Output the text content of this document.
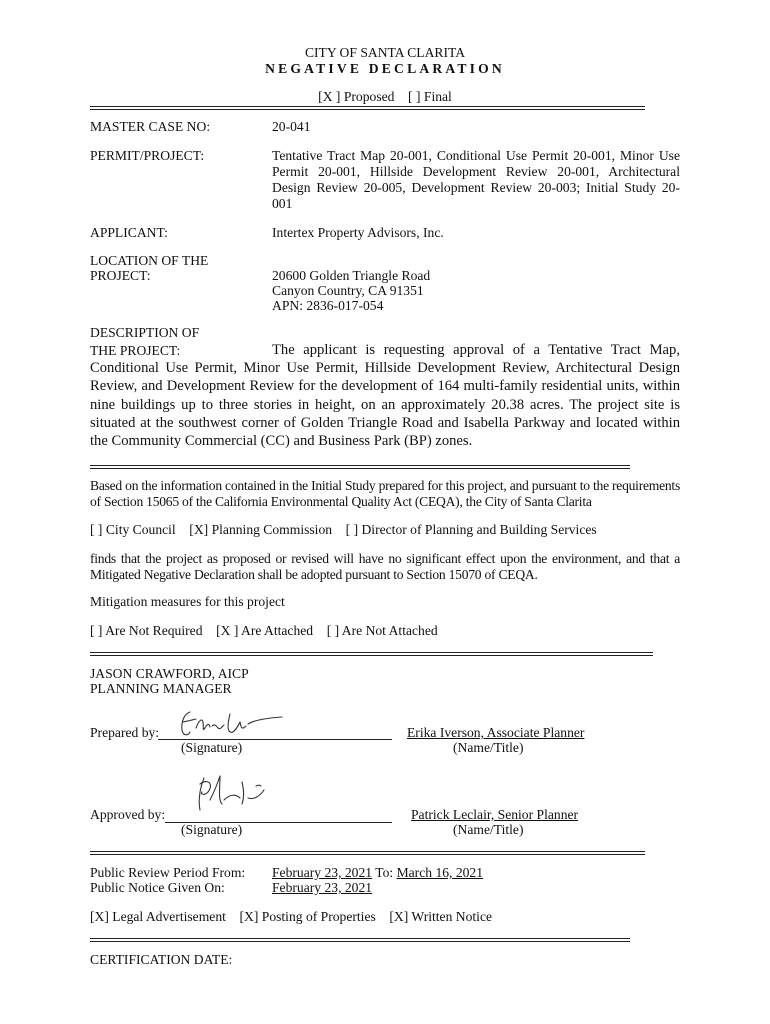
CITY OF SANTA CLARITA
NEGATIVE DECLARATION
[X ] Proposed    [ ] Final
MASTER CASE NO:	20-041
PERMIT/PROJECT:	Tentative Tract Map 20-001, Conditional Use Permit 20-001, Minor Use Permit 20-001, Hillside Development Review 20-001, Architectural Design Review 20-005, Development Review 20-003; Initial Study 20-001
APPLICANT:	Intertex Property Advisors, Inc.
LOCATION OF THE
PROJECT:	20600 Golden Triangle Road
Canyon Country, CA 91351
APN: 2836-017-054
DESCRIPTION OF
THE PROJECT:	The applicant is requesting approval of a Tentative Tract Map, Conditional Use Permit, Minor Use Permit, Hillside Development Review, Architectural Design Review, and Development Review for the development of 164 multi-family residential units, within nine buildings up to three stories in height, on an approximately 20.38 acres. The project site is situated at the southwest corner of Golden Triangle Road and Isabella Parkway and located within the Community Commercial (CC) and Business Park (BP) zones.
Based on the information contained in the Initial Study prepared for this project, and pursuant to the requirements of Section 15065 of the California Environmental Quality Act (CEQA), the City of Santa Clarita
[ ] City Council    [X] Planning Commission    [ ] Director of Planning and Building Services
finds that the project as proposed or revised will have no significant effect upon the environment, and that a Mitigated Negative Declaration shall be adopted pursuant to Section 15070 of CEQA.
Mitigation measures for this project
[ ] Are Not Required    [X ] Are Attached    [ ] Are Not Attached
JASON CRAWFORD, AICP
PLANNING MANAGER
Prepared by:
(Signature)
Erika Iverson, Associate Planner
(Name/Title)
Approved by:
(Signature)
Patrick Leclair, Senior Planner
(Name/Title)
Public Review Period From: February 23, 2021 To: March 16, 2021
Public Notice Given On:	February 23, 2021
[X] Legal Advertisement    [X] Posting of Properties    [X] Written Notice
CERTIFICATION DATE:
